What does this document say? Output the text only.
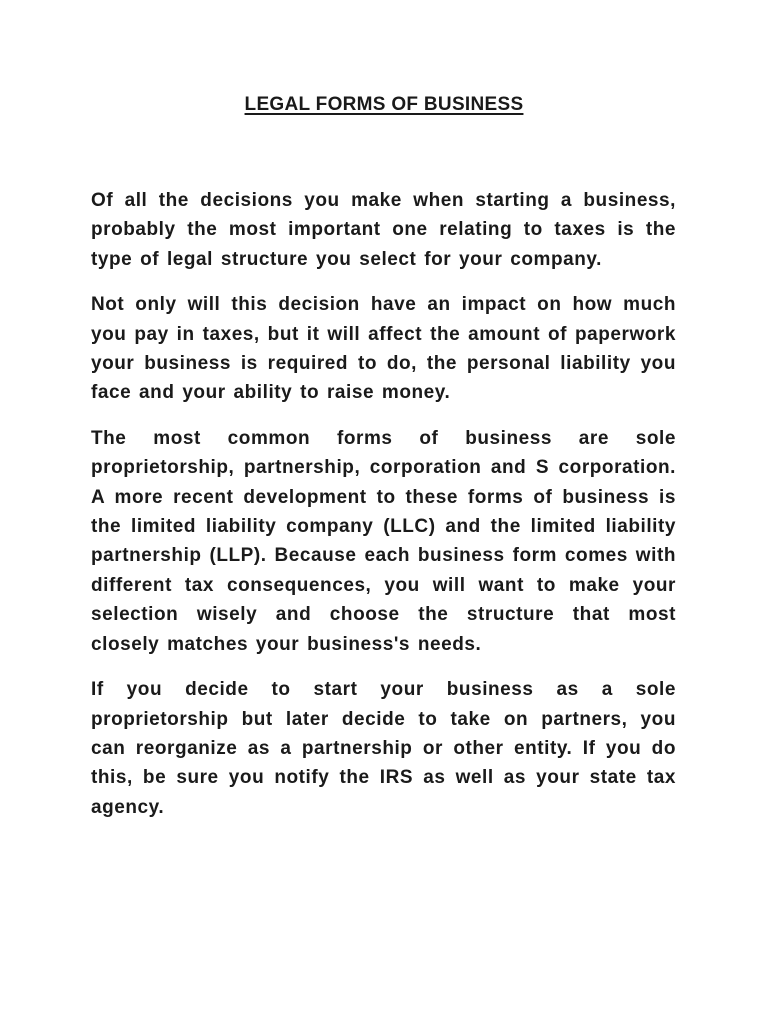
LEGAL FORMS OF BUSINESS

Of all the decisions you make when starting a business, probably the most important one relating to taxes is the type of legal structure you select for your company.

Not only will this decision have an impact on how much you pay in taxes, but it will affect the amount of paperwork your business is required to do, the personal liability you face and your ability to raise money.

The most common forms of business are sole proprietorship, partnership, corporation and S corporation. A more recent development to these forms of business is the limited liability company (LLC) and the limited liability partnership (LLP). Because each business form comes with different tax consequences, you will want to make your selection wisely and choose the structure that most closely matches your business's needs.

If you decide to start your business as a sole proprietorship but later decide to take on partners, you can reorganize as a partnership or other entity. If you do this, be sure you notify the IRS as well as your state tax agency.
